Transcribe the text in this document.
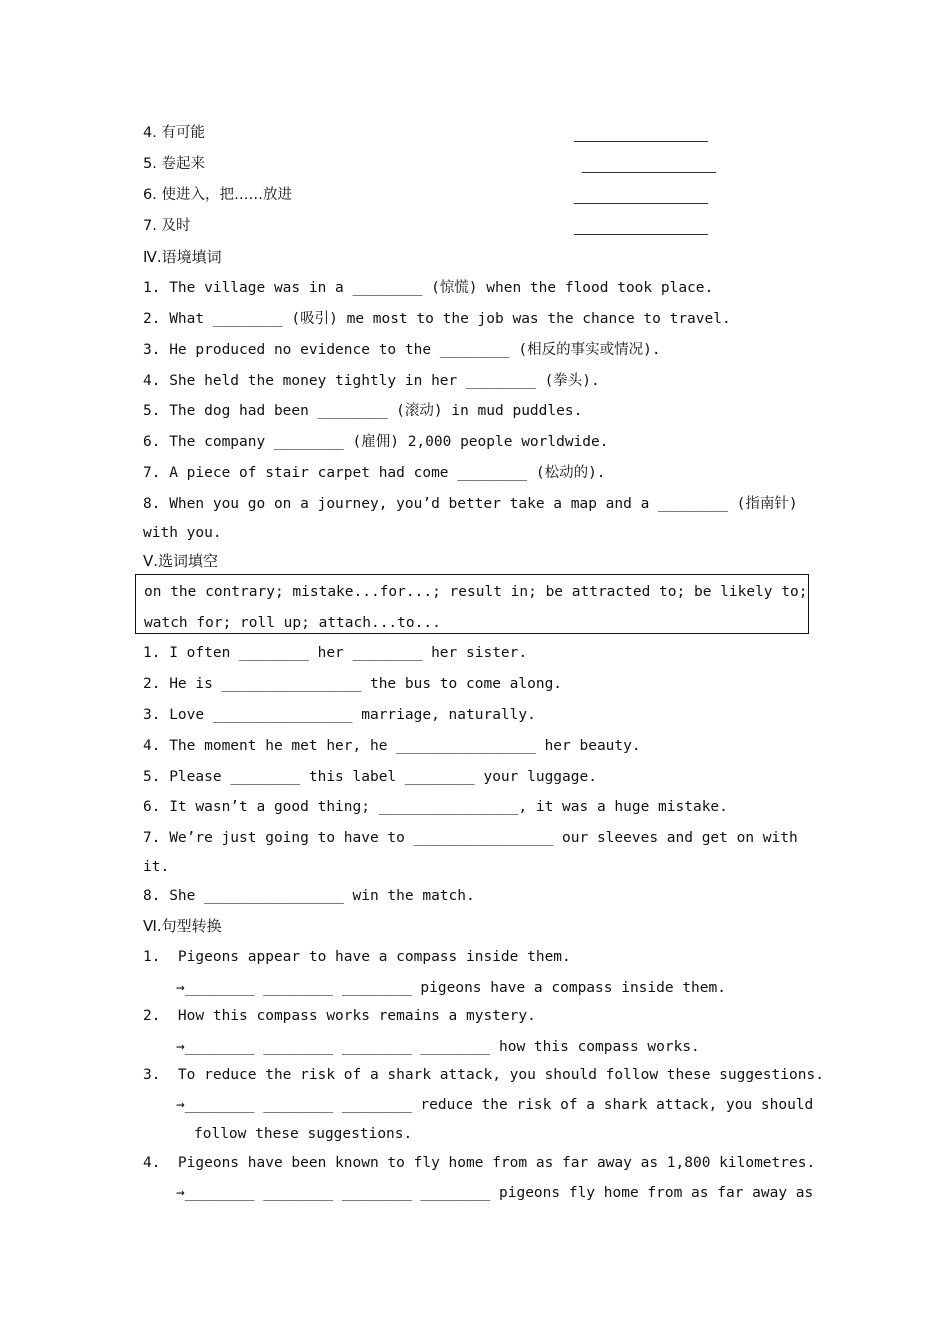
4. 有可能
5. 卷起来
6. 使进入，把……放进
7. 及时
Ⅳ.语境填词
1. The village was in a ________ (惊慌) when the flood took place.
2. What ________ (吸引) me most to the job was the chance to travel.
3. He produced no evidence to the ________ (相反的事实或情况).
4. She held the money tightly in her ________ (拳头).
5. The dog had been ________ (滚动) in mud puddles.
6. The company ________ (雇佣) 2,000 people worldwide.
7. A piece of stair carpet had come ________ (松动的).
8. When you go on a journey, you’d better take a map and a ________ (指南针)
with you.
Ⅴ.选词填空
on the contrary; mistake...for...; result in; be attracted to; be likely to;
watch for; roll up; attach...to...
1. I often ________ her ________ her sister.
2. He is ________________ the bus to come along.
3. Love ________________ marriage, naturally.
4. The moment he met her, he ________________ her beauty.
5. Please ________ this label ________ your luggage.
6. It wasn’t a good thing; ________________, it was a huge mistake.
7. We’re just going to have to ________________ our sleeves and get on with
it.
8. She ________________ win the match.
Ⅵ.句型转换
1.  Pigeons appear to have a compass inside them.
→________ ________ ________ pigeons have a compass inside them.
2.  How this compass works remains a mystery.
→________ ________ ________ ________ how this compass works.
3.  To reduce the risk of a shark attack, you should follow these suggestions.
→________ ________ ________ reduce the risk of a shark attack, you should
follow these suggestions.
4.  Pigeons have been known to fly home from as far away as 1,800 kilometres.
→________ ________ ________ ________ pigeons fly home from as far away as
